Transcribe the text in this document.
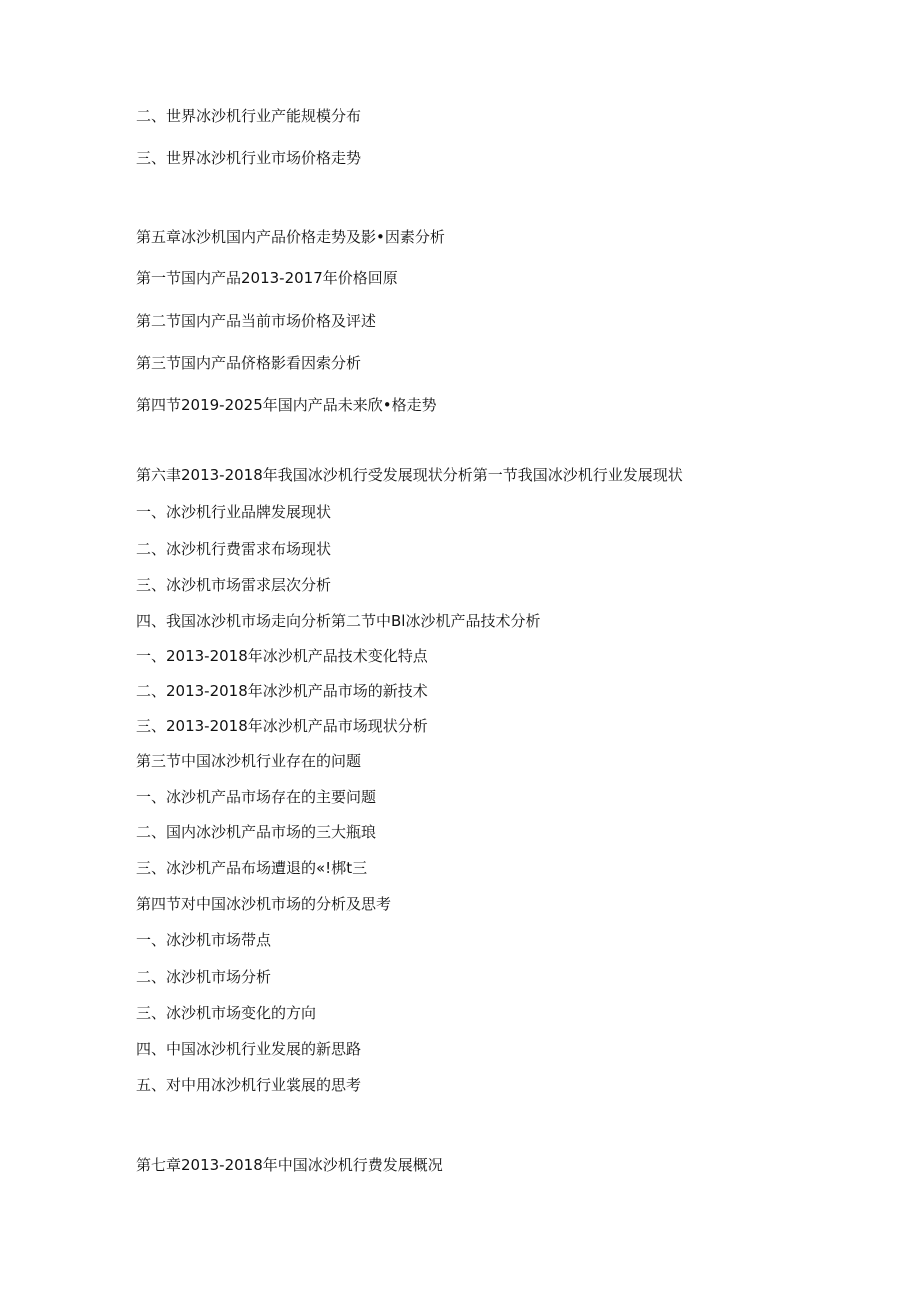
二、世界冰沙机行业产能规模分布
三、世界冰沙机行业市场价格走势
第五章冰沙机国内产品价格走势及影•因素分析
第一节国内产品2013-2017年价格回原
第二节国内产品当前市场价格及评述
第三节国内产品侪格影看因索分析
第四节2019-2025年国内产品未来欣•格走势
第六聿2013-2018年我国冰沙机行受发展现状分析第一节我国冰沙机行业发展现状
一、冰沙机行业品牌发展现状
二、冰沙机行费雷求布场现状
三、冰沙机市场雷求层次分析
四、我国冰沙机市场走向分析第二节中Bl冰沙机产品技术分析
一、2013-2018年冰沙机产品技术变化特点
二、2013-2018年冰沙机产品市场的新技术
三、2013-2018年冰沙机产品市场现状分析
第三节中国冰沙机行业存在的问题
一、冰沙机产品市场存在的主要问题
二、国内冰沙机产品市场的三大瓶琅
三、冰沙机产品布场遭退的«!梆t三
第四节对中国冰沙机市场的分析及思考
一、冰沙机市场带点
二、冰沙机市场分析
三、冰沙机市场变化的方向
四、中国冰沙机行业发展的新思路
五、对中用冰沙机行业裳展的思考
第七章2013-2018年中国冰沙机行费发展概况
